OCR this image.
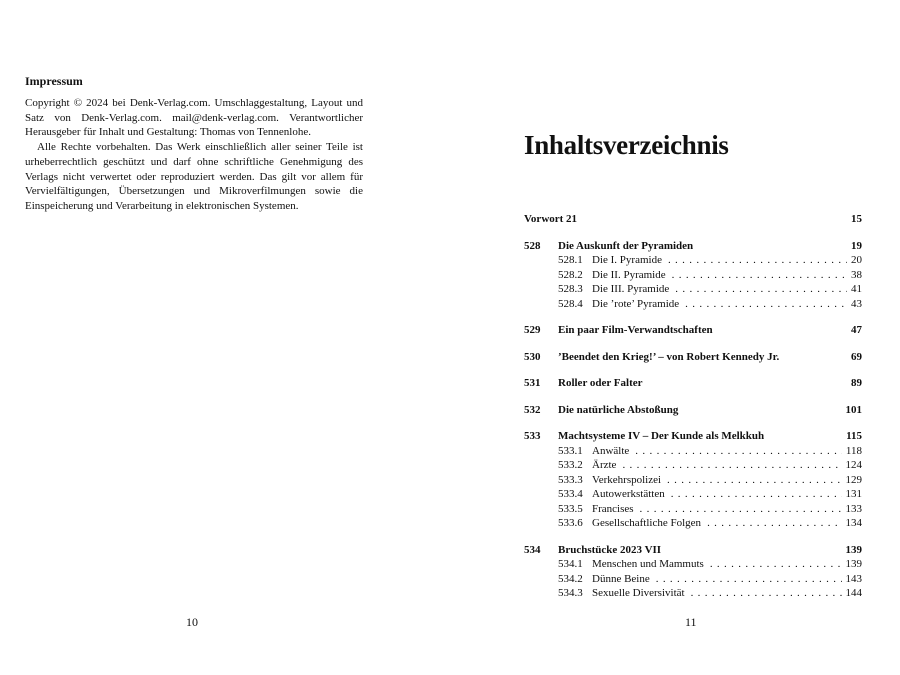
Impressum

Copyright © 2024 bei Denk-Verlag.com. Umschlaggestaltung, Layout und Satz von Denk-Verlag.com. mail@denk-verlag.com. Verantwortlicher Herausgeber für Inhalt und Gestaltung: Thomas von Tennenlohe.

Alle Rechte vorbehalten. Das Werk einschließlich aller seiner Teile ist urheberrechtlich geschützt und darf ohne schriftliche Genehmigung des Verlags nicht verwertet oder reproduziert werden. Das gilt vor allem für Vervielfältigungen, Übersetzungen und Mikroverfilmungen sowie die Einspeicherung und Verarbeitung in elektronischen Systemen.

10
Inhaltsverzeichnis
Vorwort 21	15
528	Die Auskunft der Pyramiden	19
528.1 Die I. Pyramide . . .	20
528.2 Die II. Pyramide . . .	38
528.3 Die III. Pyramide . . .	41
528.4 Die ’rote’ Pyramide . . .	43
529	Ein paar Film-Verwandtschaften	47
530	’Beendet den Krieg!’ – von Robert Kennedy Jr.	69
531	Roller oder Falter	89
532	Die natürliche Abstoßung	101
533	Machtsysteme IV – Der Kunde als Melkkuh	115
533.1 Anwälte . . .	118
533.2 Ärzte . . .	124
533.3 Verkehrspolizei . . .	129
533.4 Autowerkstätten . . .	131
533.5 Francises . . .	133
533.6 Gesellschaftliche Folgen . . .	134
534	Bruchstücke 2023 VII	139
534.1 Menschen und Mammuts . . .	139
534.2 Dünne Beine . . .	143
534.3 Sexuelle Diversivität . . .	144
11
